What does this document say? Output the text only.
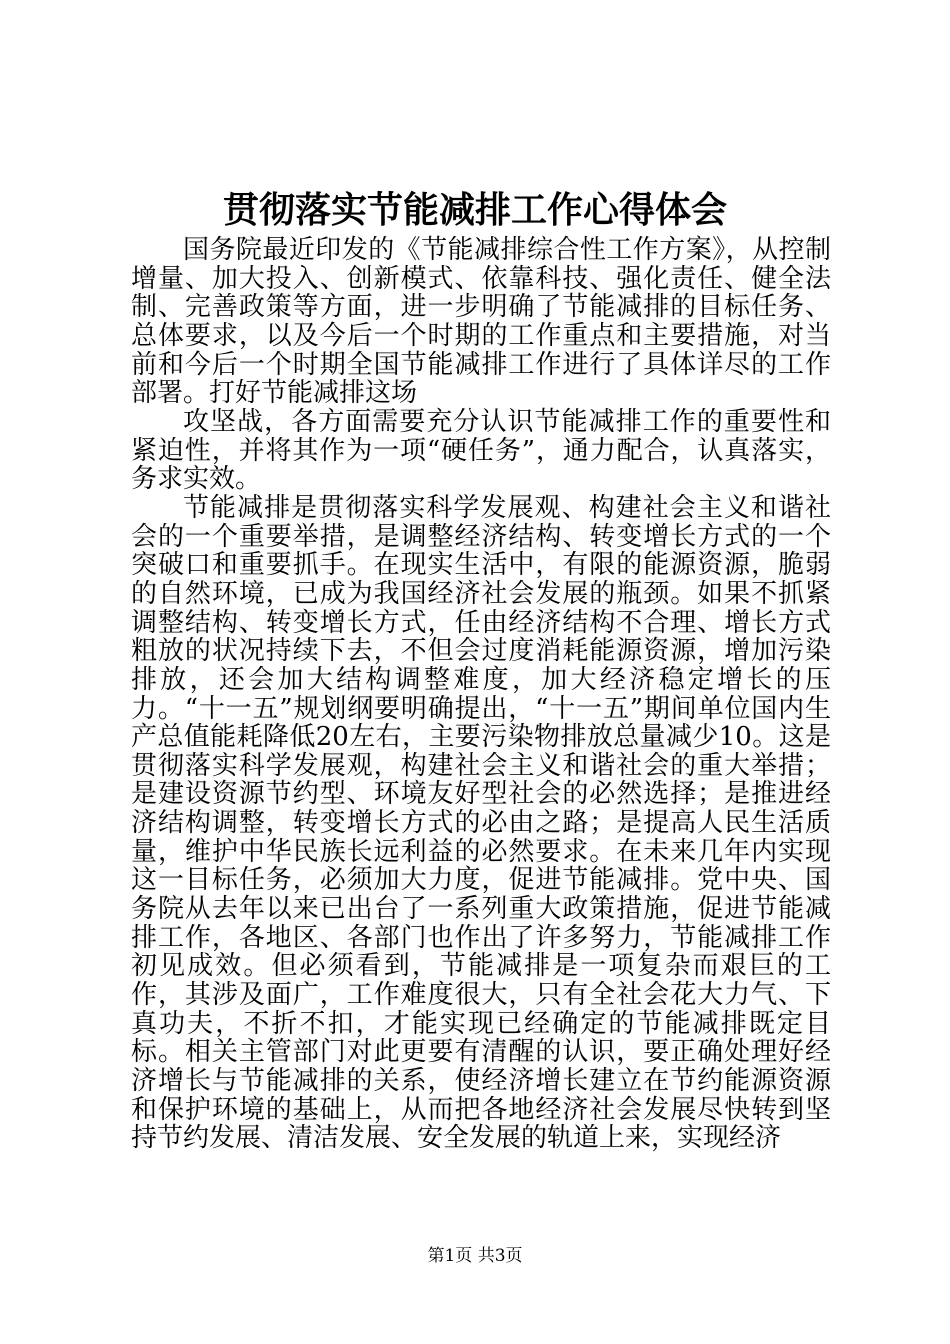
贯彻落实节能减排工作心得体会

国务院最近印发的《节能减排综合性工作方案》，从控制增量、加大投入、创新模式、依靠科技、强化责任、健全法制、完善政策等方面，进一步明确了节能减排的目标任务、总体要求，以及今后一个时期的工作重点和主要措施，对当前和今后一个时期全国节能减排工作进行了具体详尽的工作部署。打好节能减排这场

攻坚战，各方面需要充分认识节能减排工作的重要性和紧迫性，并将其作为一项“硬任务”，通力配合，认真落实，务求实效。

节能减排是贯彻落实科学发展观、构建社会主义和谐社会的一个重要举措，是调整经济结构、转变增长方式的一个突破口和重要抓手。在现实生活中，有限的能源资源，脆弱的自然环境，已成为我国经济社会发展的瓶颈。如果不抓紧调整结构、转变增长方式，任由经济结构不合理、增长方式粗放的状况持续下去，不但会过度消耗能源资源，增加污染排放，还会加大结构调整难度，加大经济稳定增长的压力。“十一五”规划纲要明确提出，“十一五”期间单位国内生产总值能耗降低20左右，主要污染物排放总量减少10。这是贯彻落实科学发展观，构建社会主义和谐社会的重大举措；是建设资源节约型、环境友好型社会的必然选择；是推进经济结构调整，转变增长方式的必由之路；是提高人民生活质量，维护中华民族长远利益的必然要求。在未来几年内实现这一目标任务，必须加大力度，促进节能减排。党中央、国务院从去年以来已出台了一系列重大政策措施，促进节能减排工作，各地区、各部门也作出了许多努力，节能减排工作初见成效。但必须看到，节能减排是一项复杂而艰巨的工作，其涉及面广，工作难度很大，只有全社会花大力气、下真功夫，不折不扣，才能实现已经确定的节能减排既定目标。相关主管部门对此更要有清醒的认识，要正确处理好经济增长与节能减排的关系，使经济增长建立在节约能源资源和保护环境的基础上，从而把各地经济社会发展尽快转到坚持节约发展、清洁发展、安全发展的轨道上来，实现经济

第1页 共3页
